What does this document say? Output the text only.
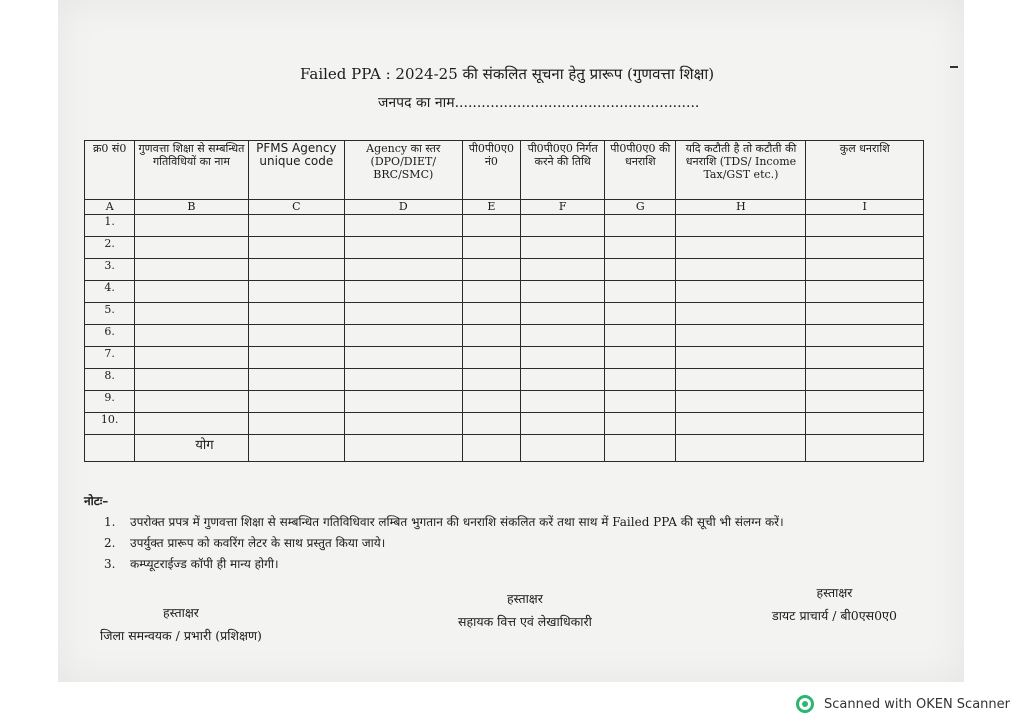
Failed PPA : 2024-25 की संकलित सूचना हेतु प्रारूप (गुणवत्ता शिक्षा)
जनपद का नाम.......................................................
क्र0 सं0	गुणवत्ता शिक्षा से सम्बन्धित गतिविधियों का नाम	PFMS Agency unique code	Agency का स्तर (DPO/DIET/ BRC/SMC)	पी0पी0ए0 नं0	पी0पी0ए0 निर्गत करने की तिथि	पी0पी0ए0 की धनराशि	यदि कटौती है तो कटौती की धनराशि (TDS/ Income Tax/GST etc.)	कुल धनराशि
A	B	C	D	E	F	G	H	I
1.								
2.								
3.								
4.								
5.								
6.								
7.								
8.								
9.								
10.								
	योग							
नोटः–
1. उपरोक्त प्रपत्र में गुणवत्ता शिक्षा से सम्बन्धित गतिविधिवार लम्बित भुगतान की धनराशि संकलित करें तथा साथ में Failed PPA की सूची भी संलग्न करें।
2. उपर्युक्त प्रारूप को कवरिंग लेटर के साथ प्रस्तुत किया जाये।
3. कम्प्यूटराईज्ड कॉपी ही मान्य होगी।
हस्ताक्षर
जिला समन्वयक / प्रभारी (प्रशिक्षण)
हस्ताक्षर
सहायक वित्त एवं लेखाधिकारी
हस्ताक्षर
डायट प्राचार्य / बी0एस0ए0
Scanned with OKEN Scanner
